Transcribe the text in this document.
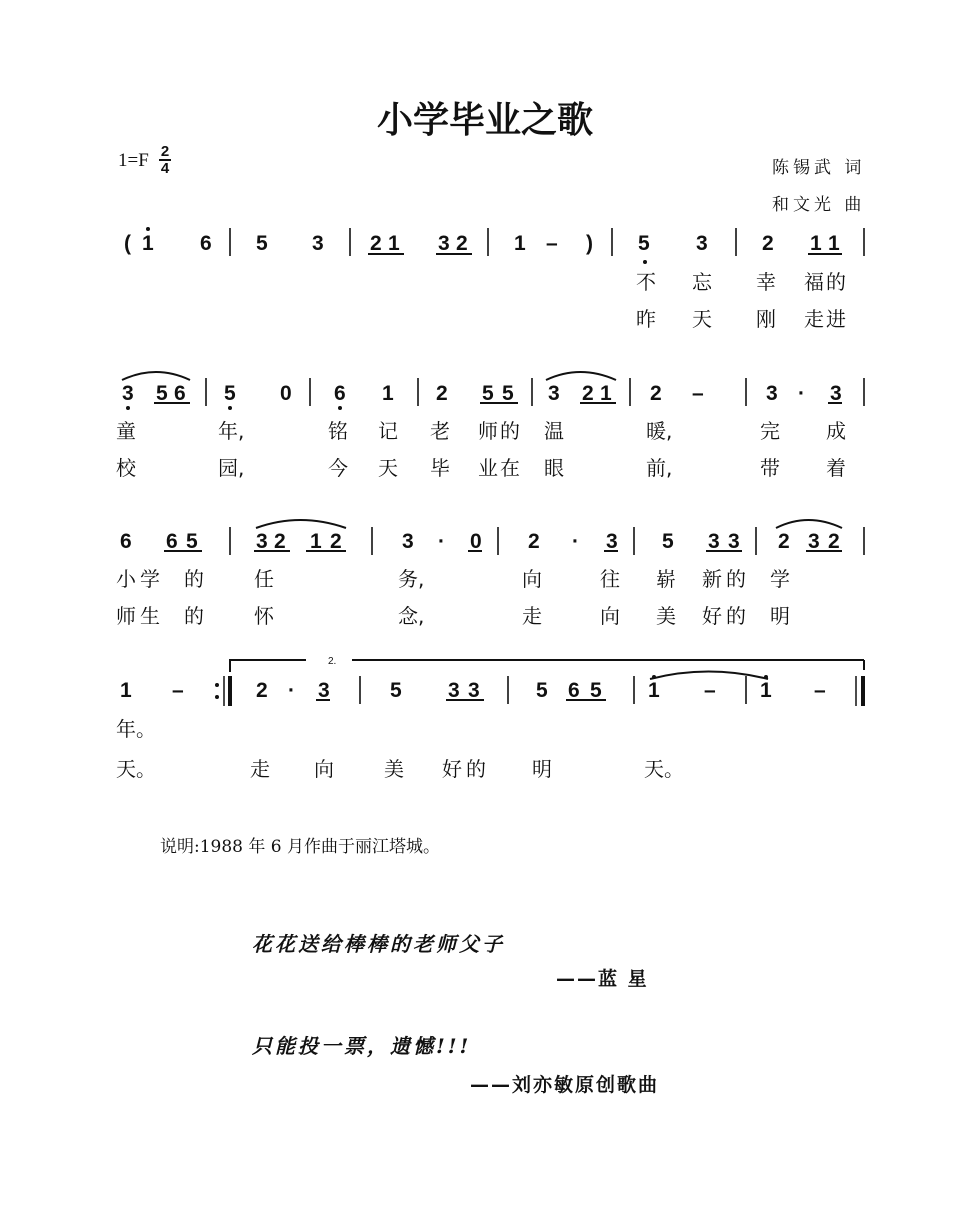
小学毕业之歌
1=F 2
4	陈锡武 词
和文光 曲
( 1 6 5 3 2 1 3 2 1 – ) 5 3	2 1 1
不 忘 幸 福 的
昨 天 刚 走 进
3 5 6 5 0 6 1 2 5 5 3 2 1 2 –	3 · 3
童	年,	铭 记 老 师 的 温	暖,	完 成
校	园,	今 天 毕 业 在 眼	前,	带 着
6 6 5	3 2 1 2	3 · 0 2 · 3 5 3 3 2 3 2
小 学 的	任	务,	向	往 崭 新 的 学
师 生 的	怀	念,	走	向 美 好 的 明
2.
1 –	2 · 3	5 3 3	5 6 5 1 – 1 –
年。
天。	走 向	美 好 的 明	天。
说明:1988 年 6 月作曲于丽江塔城。
花花送给棒棒的老师父子
——蓝 星
只能投一票，遗憾!!!
——刘亦敏原创歌曲
